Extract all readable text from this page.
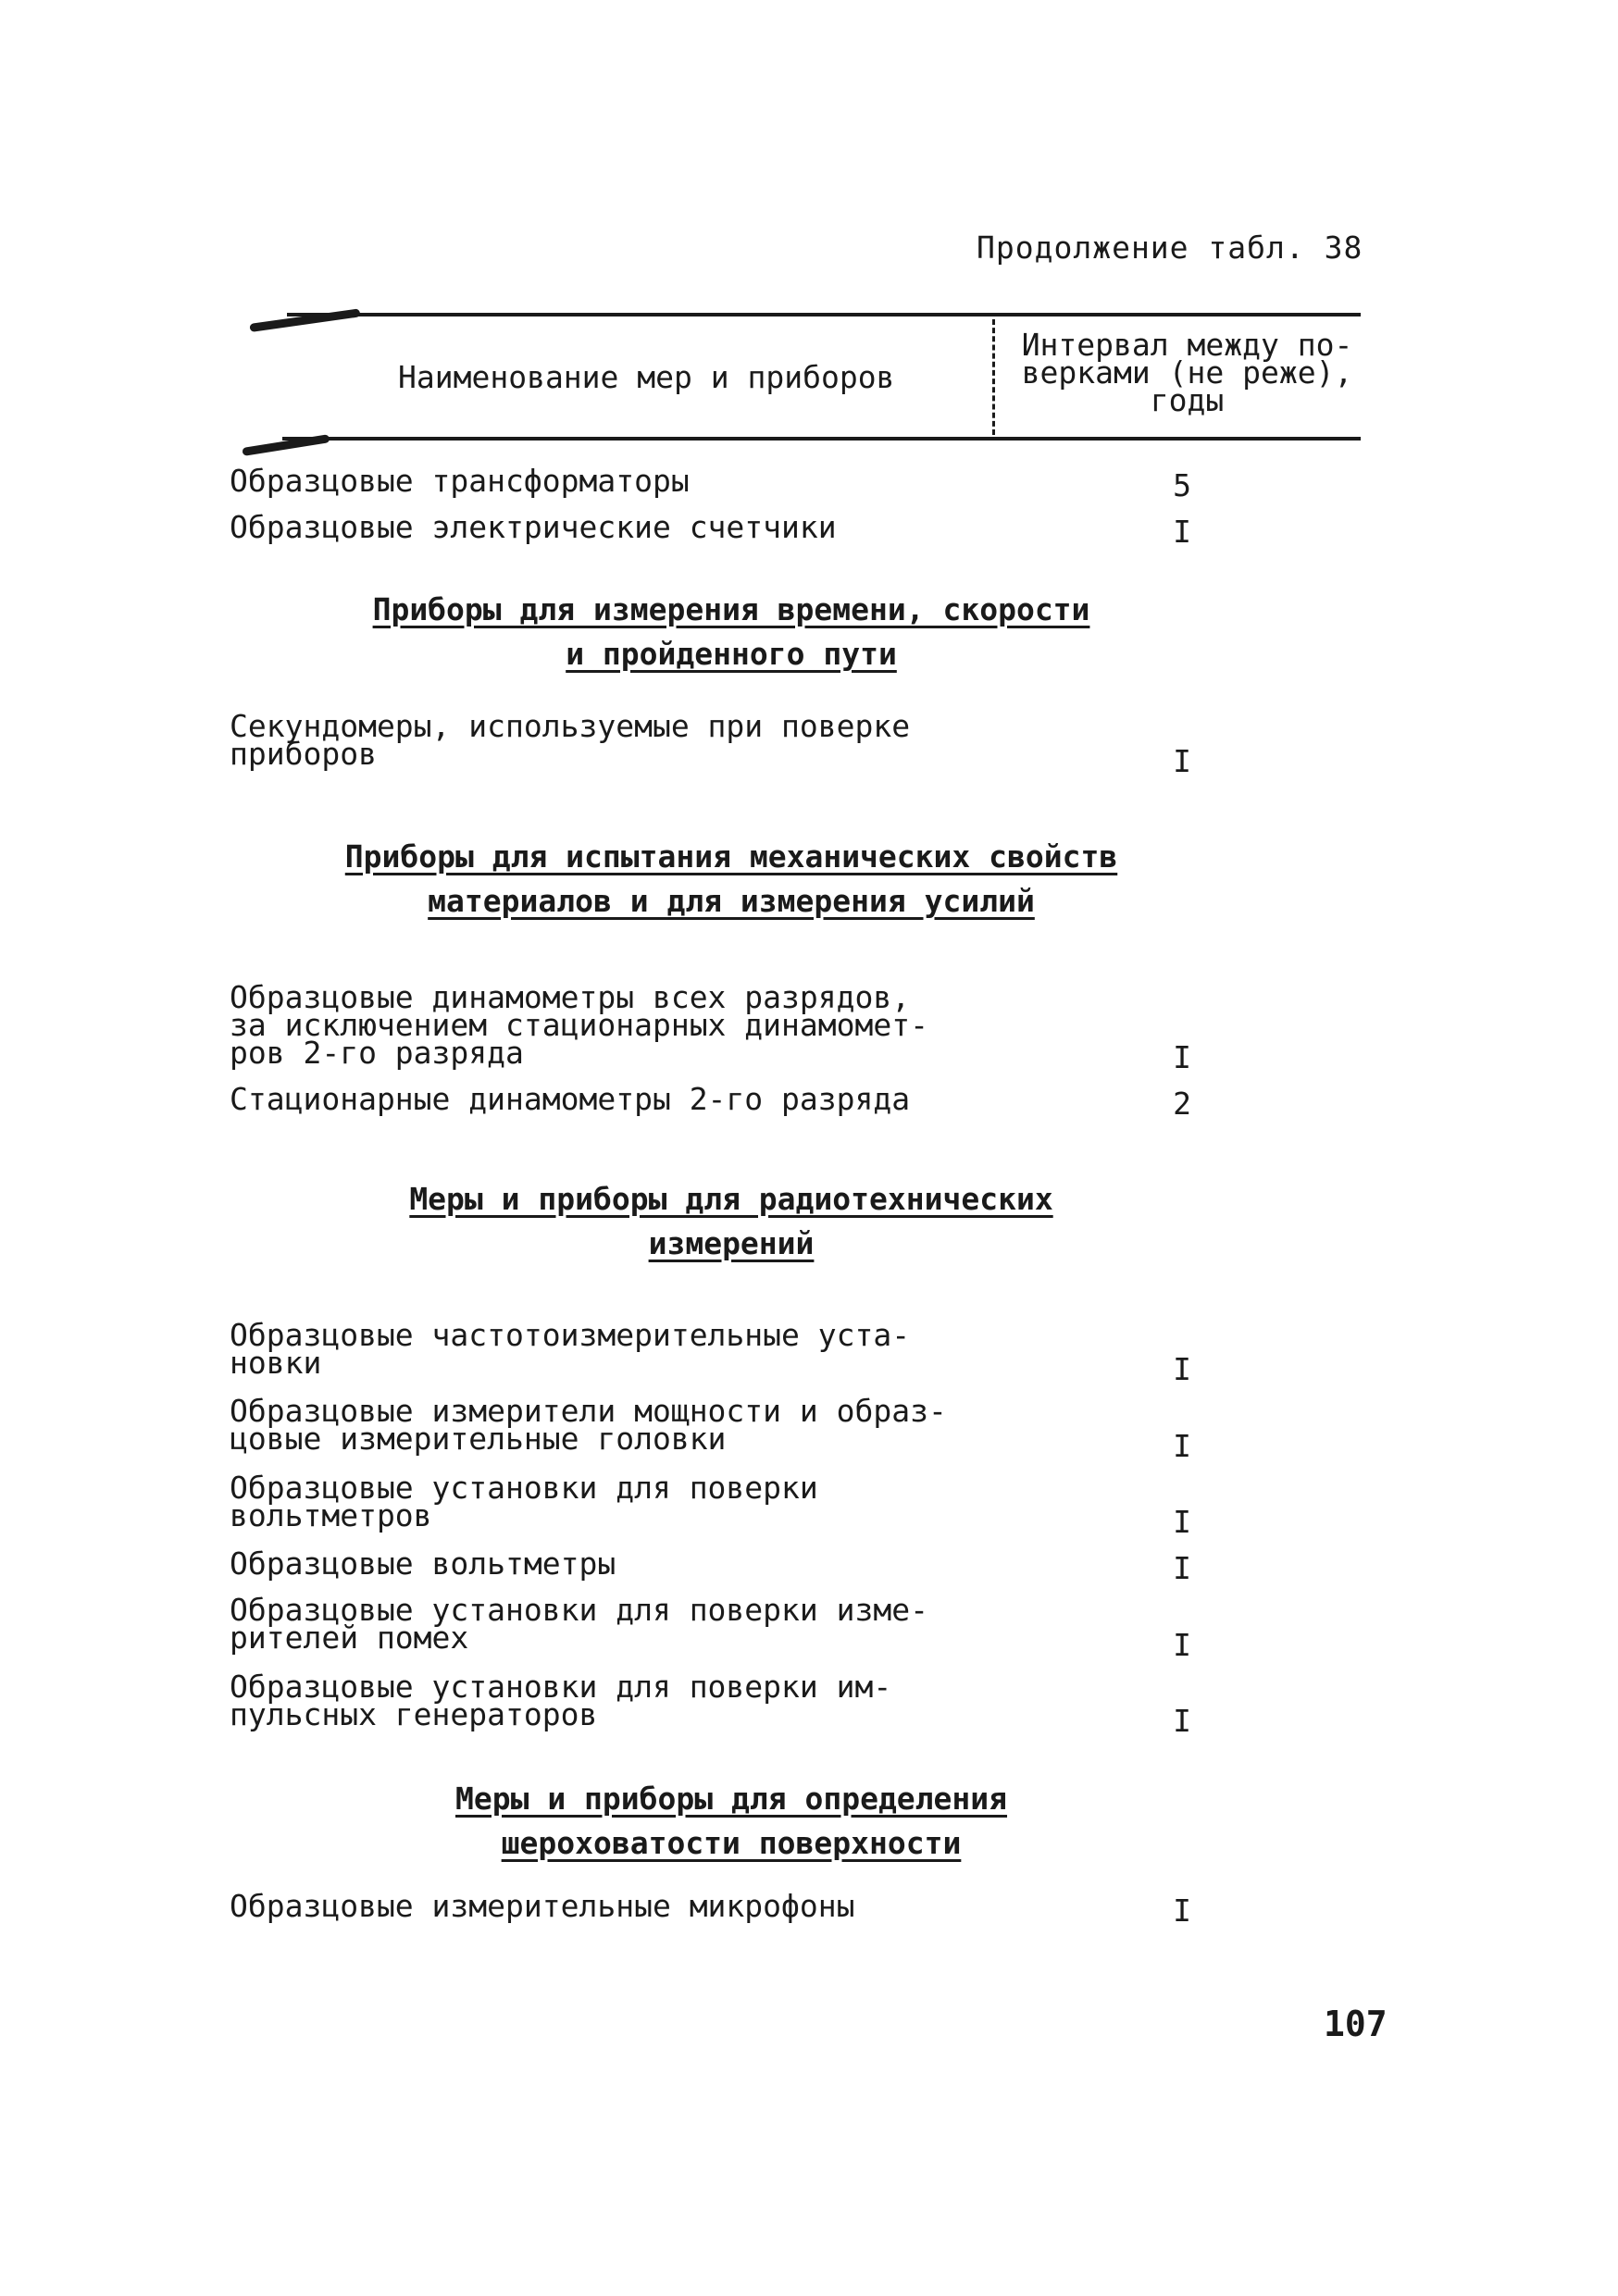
Продолжение табл. 38
Наименование мер и приборов
Интервал между по-
верками (не реже),
годы
Образцовые трансформаторы	5
Образцовые электрические счетчики	I
Приборы для измерения времени, скорости
и пройденного пути
Секундомеры, используемые при поверке
приборов	I
Приборы для испытания механических свойств
материалов и для измерения усилий
Образцовые динамометры всех разрядов,
за исключением стационарных динамомет-
ров 2-го разряда	I
Стационарные динамометры 2-го разряда	2
Меры и приборы для радиотехнических
измерений
Образцовые частотоизмерительные уста-
новки	I
Образцовые измерители мощности и образ-
цовые измерительные головки	I
Образцовые установки для поверки
вольтметров	I
Образцовые вольтметры	I
Образцовые установки для поверки изме-
рителей помех	I
Образцовые установки для поверки им-
пульсных генераторов	I
Меры и приборы для определения
шероховатости поверхности
Образцовые измерительные микрофоны	I
107
